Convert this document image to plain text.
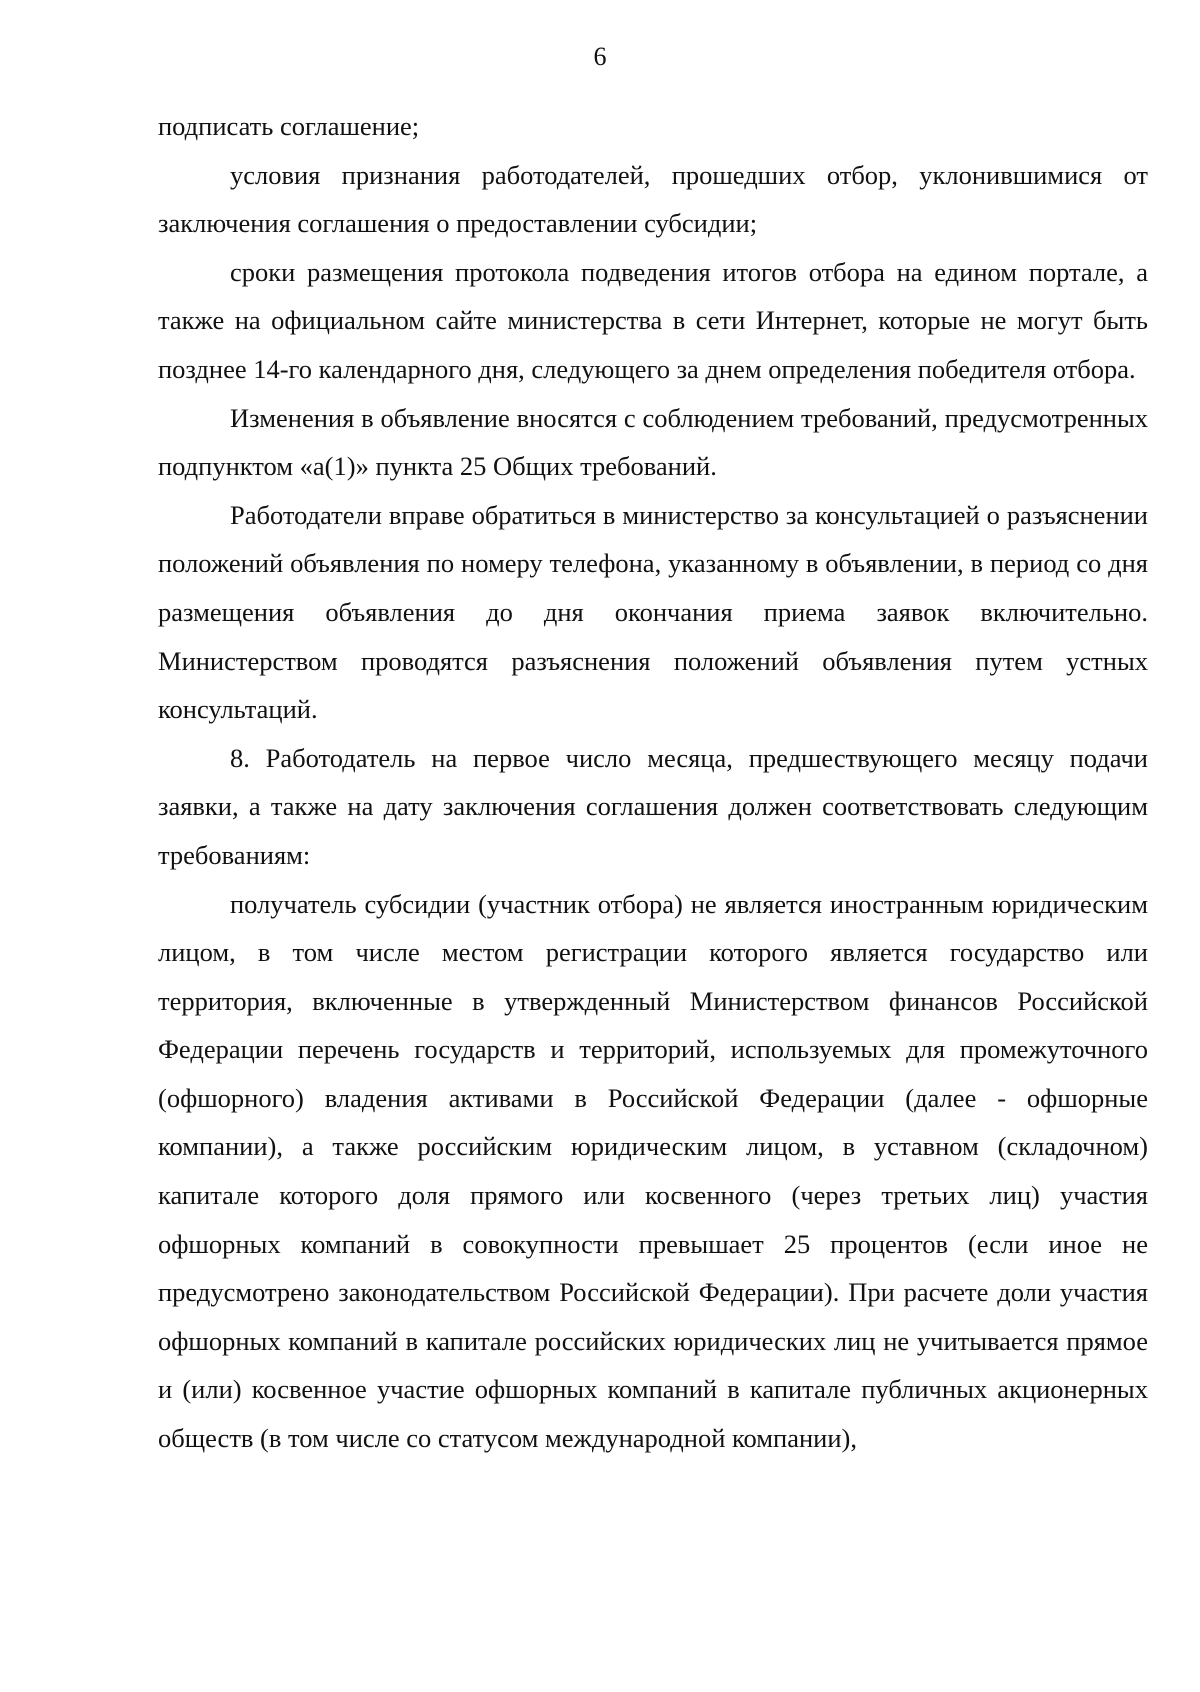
6

подписать соглашение;

условия признания работодателей, прошедших отбор, уклонившимися от заключения соглашения о предоставлении субсидии;

сроки размещения протокола подведения итогов отбора на едином портале, а также на официальном сайте министерства в сети Интернет, которые не могут быть позднее 14-го календарного дня, следующего за днем определения победителя отбора.

Изменения в объявление вносятся с соблюдением требований, предусмотренных подпунктом «а(1)» пункта 25 Общих требований.

Работодатели вправе обратиться в министерство за консультацией о разъяснении положений объявления по номеру телефона, указанному в объявлении, в период со дня размещения объявления до дня окончания приема заявок включительно. Министерством проводятся разъяснения положений объявления путем устных консультаций.

8. Работодатель на первое число месяца, предшествующего месяцу подачи заявки, а также на дату заключения соглашения должен соответствовать следующим требованиям:

получатель субсидии (участник отбора) не является иностранным юридическим лицом, в том числе местом регистрации которого является государство или территория, включенные в утвержденный Министерством финансов Российской Федерации перечень государств и территорий, используемых для промежуточного (офшорного) владения активами в Российской Федерации (далее - офшорные компании), а также российским юридическим лицом, в уставном (складочном) капитале которого доля прямого или косвенного (через третьих лиц) участия офшорных компаний в совокупности превышает 25 процентов (если иное не предусмотрено законодательством Российской Федерации). При расчете доли участия офшорных компаний в капитале российских юридических лиц не учитывается прямое и (или) косвенное участие офшорных компаний в капитале публичных акционерных обществ (в том числе со статусом международной компании),
